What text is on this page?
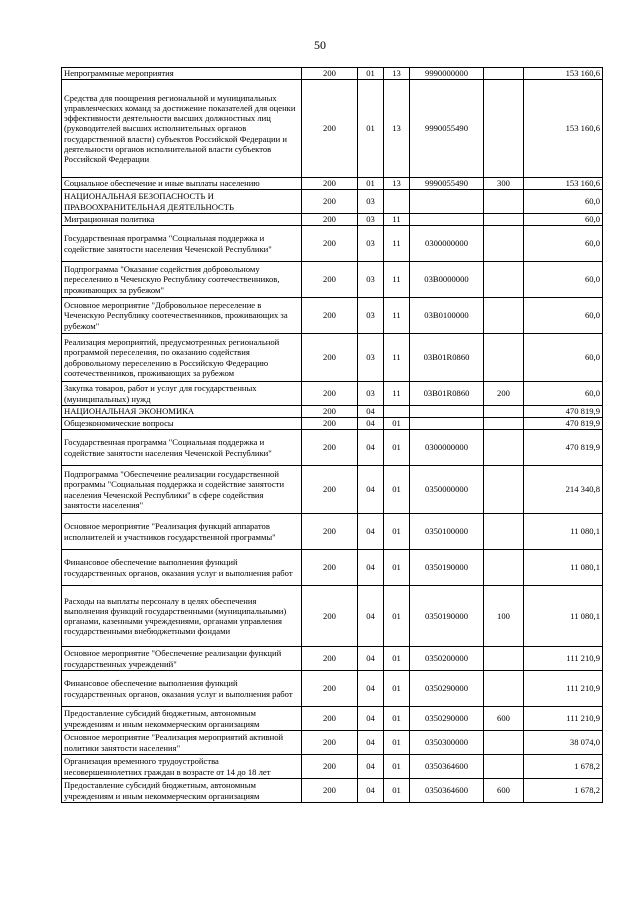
50
Непрограммные мероприятия	200	01	13	9990000000		153 160,6
Средства для поощрения региональной и муниципальных управленческих команд за достижение показателей для оценки эффективности деятельности высших должностных лиц (руководителей высших исполнительных органов государственной власти) субъектов Российской Федерации и деятельности органов исполнительной власти субъектов Российской Федерации	200	01	13	9990055490		153 160,6
Социальное обеспечение и иные выплаты населению	200	01	13	9990055490	300	153 160,6
НАЦИОНАЛЬНАЯ БЕЗОПАСНОСТЬ И ПРАВООХРАНИТЕЛЬНАЯ ДЕЯТЕЛЬНОСТЬ	200	03				60,0
Миграционная политика	200	03	11			60,0
Государственная программа "Социальная поддержка и содействие занятости населения Чеченской Республики"	200	03	11	0300000000		60,0
Подпрограмма "Оказание содействия добровольному переселению в Чеченскую Республику соотечественников, проживающих за рубежом"	200	03	11	03В0000000		60,0
Основное мероприятие "Добровольное переселение в Чеченскую Республику соотечественников, проживающих за рубежом"	200	03	11	03В0100000		60,0
Реализация мероприятий, предусмотренных региональной программой переселения, по оказанию содействия добровольному переселению в Российскую Федерацию соотечественников, проживающих за рубежом	200	03	11	03В01R0860		60,0
Закупка товаров, работ и услуг для государственных (муниципальных) нужд	200	03	11	03В01R0860	200	60,0
НАЦИОНАЛЬНАЯ ЭКОНОМИКА	200	04				470 819,9
Общеэкономические вопросы	200	04	01			470 819,9
Государственная программа "Социальная поддержка и содействие занятости населения Чеченской Республики"	200	04	01	0300000000		470 819,9
Подпрограмма "Обеспечение реализации государственной программы "Социальная поддержка и содействие занятости населения Чеченской Республики" в сфере содействия занятости населения"	200	04	01	0350000000		214 340,8
Основное мероприятие "Реализация функций аппаратов исполнителей и участников государственной программы"	200	04	01	0350100000		11 080,1
Финансовое обеспечение выполнения функций государственных органов, оказания услуг и выполнения работ	200	04	01	0350190000		11 080,1
Расходы на выплаты персоналу в целях обеспечения выполнения функций государственными (муниципальными) органами, казенными учреждениями, органами управления государственными внебюджетными фондами	200	04	01	0350190000	100	11 080,1
Основное мероприятие "Обеспечение реализации функций государственных учреждений"	200	04	01	0350200000		111 210,9
Финансовое обеспечение выполнения функций государственных органов, оказания услуг и выполнения работ	200	04	01	0350290000		111 210,9
Предоставление субсидий бюджетным, автономным учреждениям и иным некоммерческим организациям	200	04	01	0350290000	600	111 210,9
Основное мероприятие "Реализация мероприятий активной политики занятости населения"	200	04	01	0350300000		38 074,0
Организация временного трудоустройства несовершеннолетних граждан в возрасте от 14 до 18 лет	200	04	01	0350364600		1 678,2
Предоставление субсидий бюджетным, автономным учреждениям и иным некоммерческим организациям	200	04	01	0350364600	600	1 678,2
